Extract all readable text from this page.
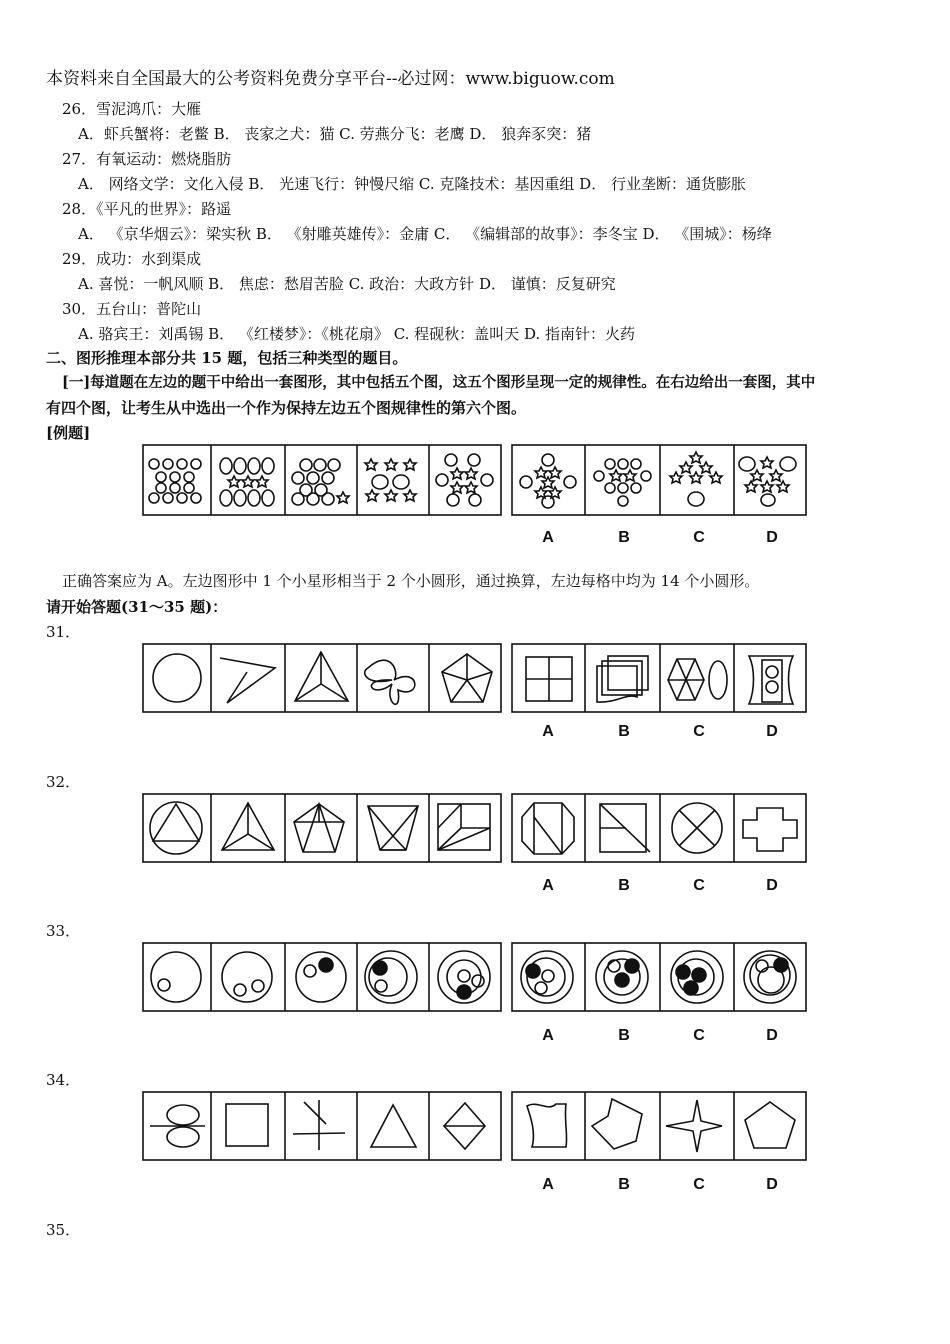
本资料来自全国最大的公考资料免费分享平台--必过网：www.biguow.com
26．雪泥鸿爪：大雁
A．虾兵蟹将：老鳖 B． 丧家之犬：猫 C. 劳燕分飞：老鹰 D． 狼奔豕突：猪
27．有氧运动：燃烧脂肪
A． 网络文学：文化入侵 B． 光速飞行：钟慢尺缩 C. 克隆技术：基因重组 D． 行业垄断：通货膨胀
28．《平凡的世界》：路遥
A． 《京华烟云》：梁实秋 B． 《射雕英雄传》：金庸 C． 《编辑部的故事》：李冬宝 D． 《围城》：杨绛
29．成功：水到渠成
A. 喜悦：一帆风顺 B． 焦虑：愁眉苦脸 C. 政治：大政方针 D． 谨慎：反复研究
30．五台山：普陀山
A. 骆宾王：刘禹锡 B． 《红楼梦》：《桃花扇》 C. 程砚秋：盖叫天 D. 指南针：火药
二、图形推理本部分共 15 题，包括三种类型的题目。
[一]每道题在左边的题干中给出一套图形，其中包括五个图，这五个图形呈现一定的规律性。在右边给出一套图，其中
有四个图，让考生从中选出一个作为保持左边五个图规律性的第六个图。
[例题]
A	B	C	D
正确答案应为 A。左边图形中 1 个小星形相当于 2 个小圆形，通过换算，左边每格中均为 14 个小圆形。
请开始答题(31～35 题)：
31．
A	B	C	D
32．
A	B	C	D
33．
A	B	C	D
34．
A	B	C	D
35．
